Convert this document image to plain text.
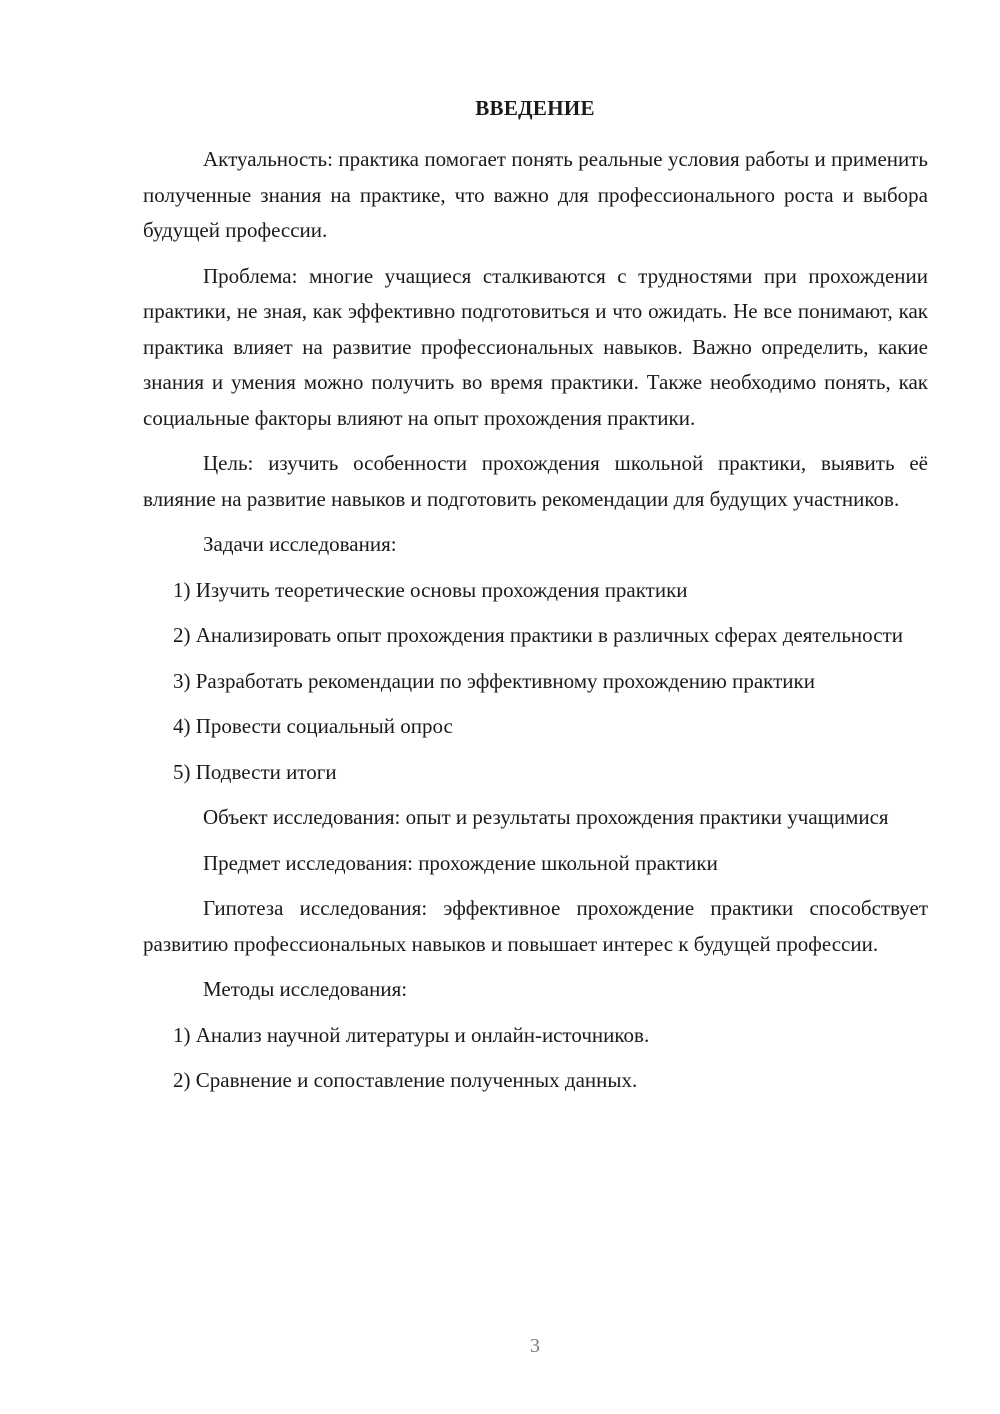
ВВЕДЕНИЕ

Актуальность: практика помогает понять реальные условия работы и применить полученные знания на практике, что важно для профессионального роста и выбора будущей профессии.

Проблема: многие учащиеся сталкиваются с трудностями при прохождении практики, не зная, как эффективно подготовиться и что ожидать. Не все понимают, как практика влияет на развитие профессиональных навыков. Важно определить, какие знания и умения можно получить во время практики. Также необходимо понять, как социальные факторы влияют на опыт прохождения практики.

Цель: изучить особенности прохождения школьной практики, выявить её влияние на развитие навыков и подготовить рекомендации для будущих участников.

Задачи исследования:

1) Изучить теоретические основы прохождения практики

2) Анализировать опыт прохождения практики в различных сферах деятельности

3) Разработать рекомендации по эффективному прохождению практики

4) Провести социальный опрос

5) Подвести итоги

Объект исследования: опыт и результаты прохождения практики учащимися

Предмет исследования: прохождение школьной практики

Гипотеза исследования: эффективное прохождение практики способствует развитию профессиональных навыков и повышает интерес к будущей профессии.

Методы исследования:

1) Анализ научной литературы и онлайн-источников.

2) Сравнение и сопоставление полученных данных.

3
